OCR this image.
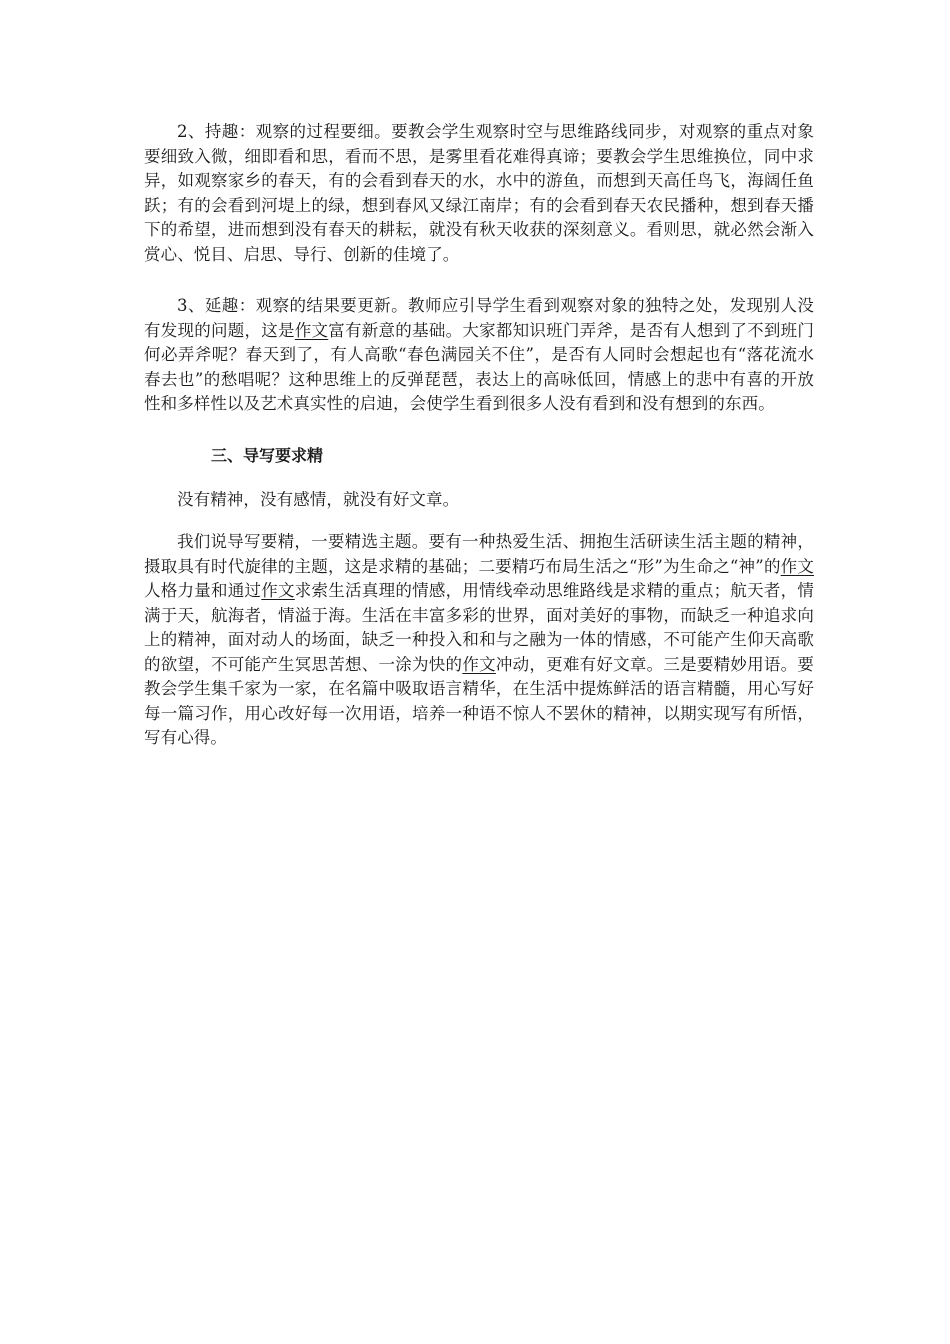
2、持趣：观察的过程要细。要教会学生观察时空与思维路线同步，对观察的重点对象要细致入微，细即看和思，看而不思，是雾里看花难得真谛；要教会学生思维换位，同中求异，如观察家乡的春天，有的会看到春天的水，水中的游鱼，而想到天高任鸟飞，海阔任鱼跃；有的会看到河堤上的绿，想到春风又绿江南岸；有的会看到春天农民播种，想到春天播下的希望，进而想到没有春天的耕耘，就没有秋天收获的深刻意义。看则思，就必然会渐入赏心、悦目、启思、导行、创新的佳境了。

3、延趣：观察的结果要更新。教师应引导学生看到观察对象的独特之处，发现别人没有发现的问题，这是作文富有新意的基础。大家都知识班门弄斧，是否有人想到了不到班门何必弄斧呢？春天到了，有人高歌“春色满园关不住”，是否有人同时会想起也有“落花流水春去也”的愁唱呢？这种思维上的反弹琵琶，表达上的高咏低回，情感上的悲中有喜的开放性和多样性以及艺术真实性的启迪，会使学生看到很多人没有看到和没有想到的东西。

三、导写要求精

没有精神，没有感情，就没有好文章。

我们说导写要精，一要精选主题。要有一种热爱生活、拥抱生活研读生活主题的精神，摄取具有时代旋律的主题，这是求精的基础；二要精巧布局生活之“形”为生命之“神”的作文人格力量和通过作文求索生活真理的情感，用情线牵动思维路线是求精的重点；航天者，情满于天，航海者，情溢于海。生活在丰富多彩的世界，面对美好的事物，而缺乏一种追求向上的精神，面对动人的场面，缺乏一种投入和和与之融为一体的情感，不可能产生仰天高歌的欲望，不可能产生冥思苦想、一涂为快的作文冲动，更难有好文章。三是要精妙用语。要教会学生集千家为一家，在名篇中吸取语言精华，在生活中提炼鲜活的语言精髓，用心写好每一篇习作，用心改好每一次用语，培养一种语不惊人不罢休的精神，以期实现写有所悟，写有心得。
